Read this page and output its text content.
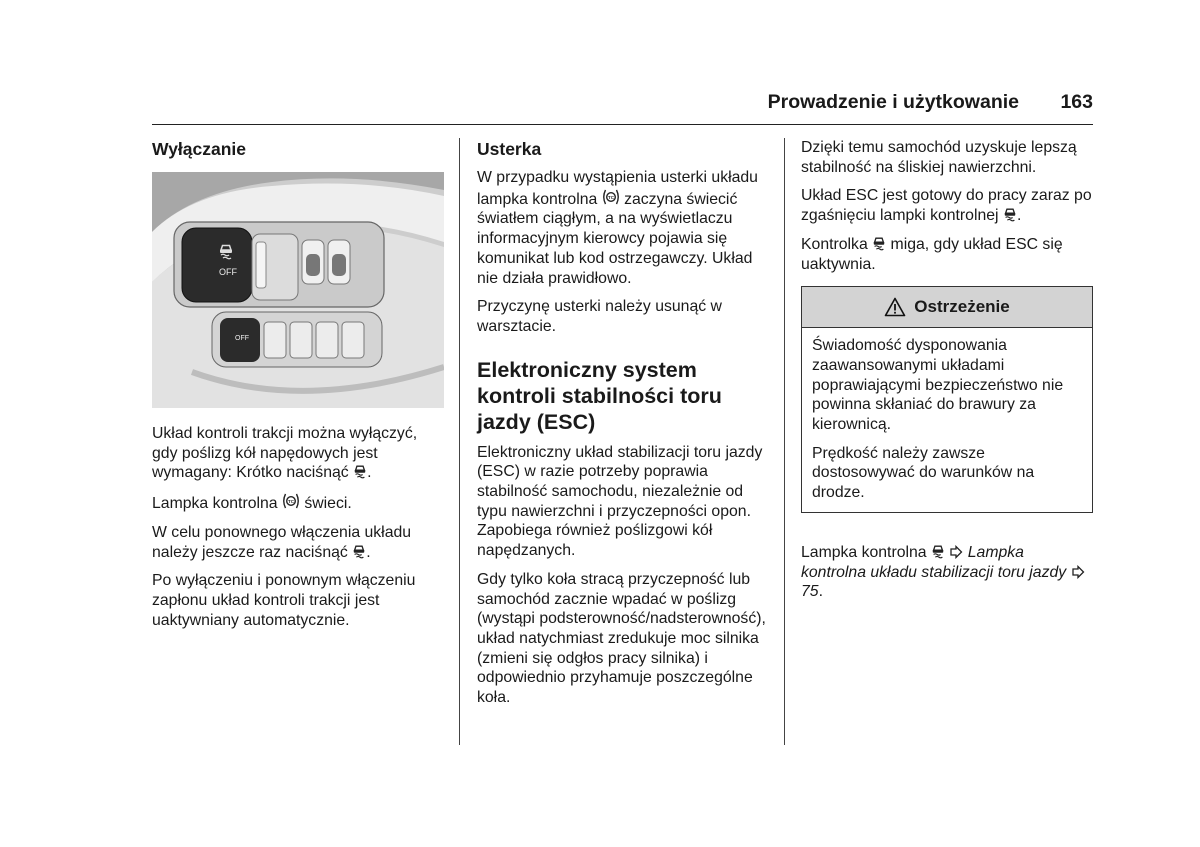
Prowadzenie i użytkowanie 163
Wyłączanie
OFF
OFF

Układ kontroli trakcji można wyłączyć, gdy poślizg kół napędowych jest wymagany: Krótko naciśnąć .

Lampka kontrolna świeci.

W celu ponownego włączenia układu należy jeszcze raz naciśnąć .

Po wyłączeniu i ponownym włączeniu zapłonu układ kontroli trakcji jest uaktywniany automatycznie.

Usterka

W przypadku wystąpienia usterki układu lampka kontrolna zaczyna świecić światłem ciągłym, a na wyświetlaczu informacyjnym kierowcy pojawia się komunikat lub kod ostrzegawczy. Układ nie działa prawidłowo.

Przyczynę usterki należy usunąć w warsztacie.

Elektroniczny system kontroli stabilności toru jazdy (ESC)

Elektroniczny układ stabilizacji toru jazdy (ESC) w razie potrzeby poprawia stabilność samochodu, niezależnie od typu nawierzchni i przyczepności opon. Zapobiega również poślizgowi kół napędzanych.

Gdy tylko koła stracą przyczepność lub samochód zacznie wpadać w poślizg (wystąpi podsterowność/nadsterowność), układ natychmiast zredukuje moc silnika (zmieni się odgłos pracy silnika) i odpowiednio przyhamuje poszczególne koła.

Dzięki temu samochód uzyskuje lepszą stabilność na śliskiej nawierzchni.

Układ ESC jest gotowy do pracy zaraz po zgaśnięciu lampki kontrolnej .

Kontrolka miga, gdy układ ESC się uaktywnia.

Ostrzeżenie

Świadomość dysponowania zaawansowanymi układami poprawiającymi bezpieczeństwo nie powinna skłaniać do brawury za kierownicą.

Prędkość należy zawsze dostosowywać do warunków na drodze.

Lampka kontrolna	Lampka kontrolna układu stabilizacji toru jazdy  75.
